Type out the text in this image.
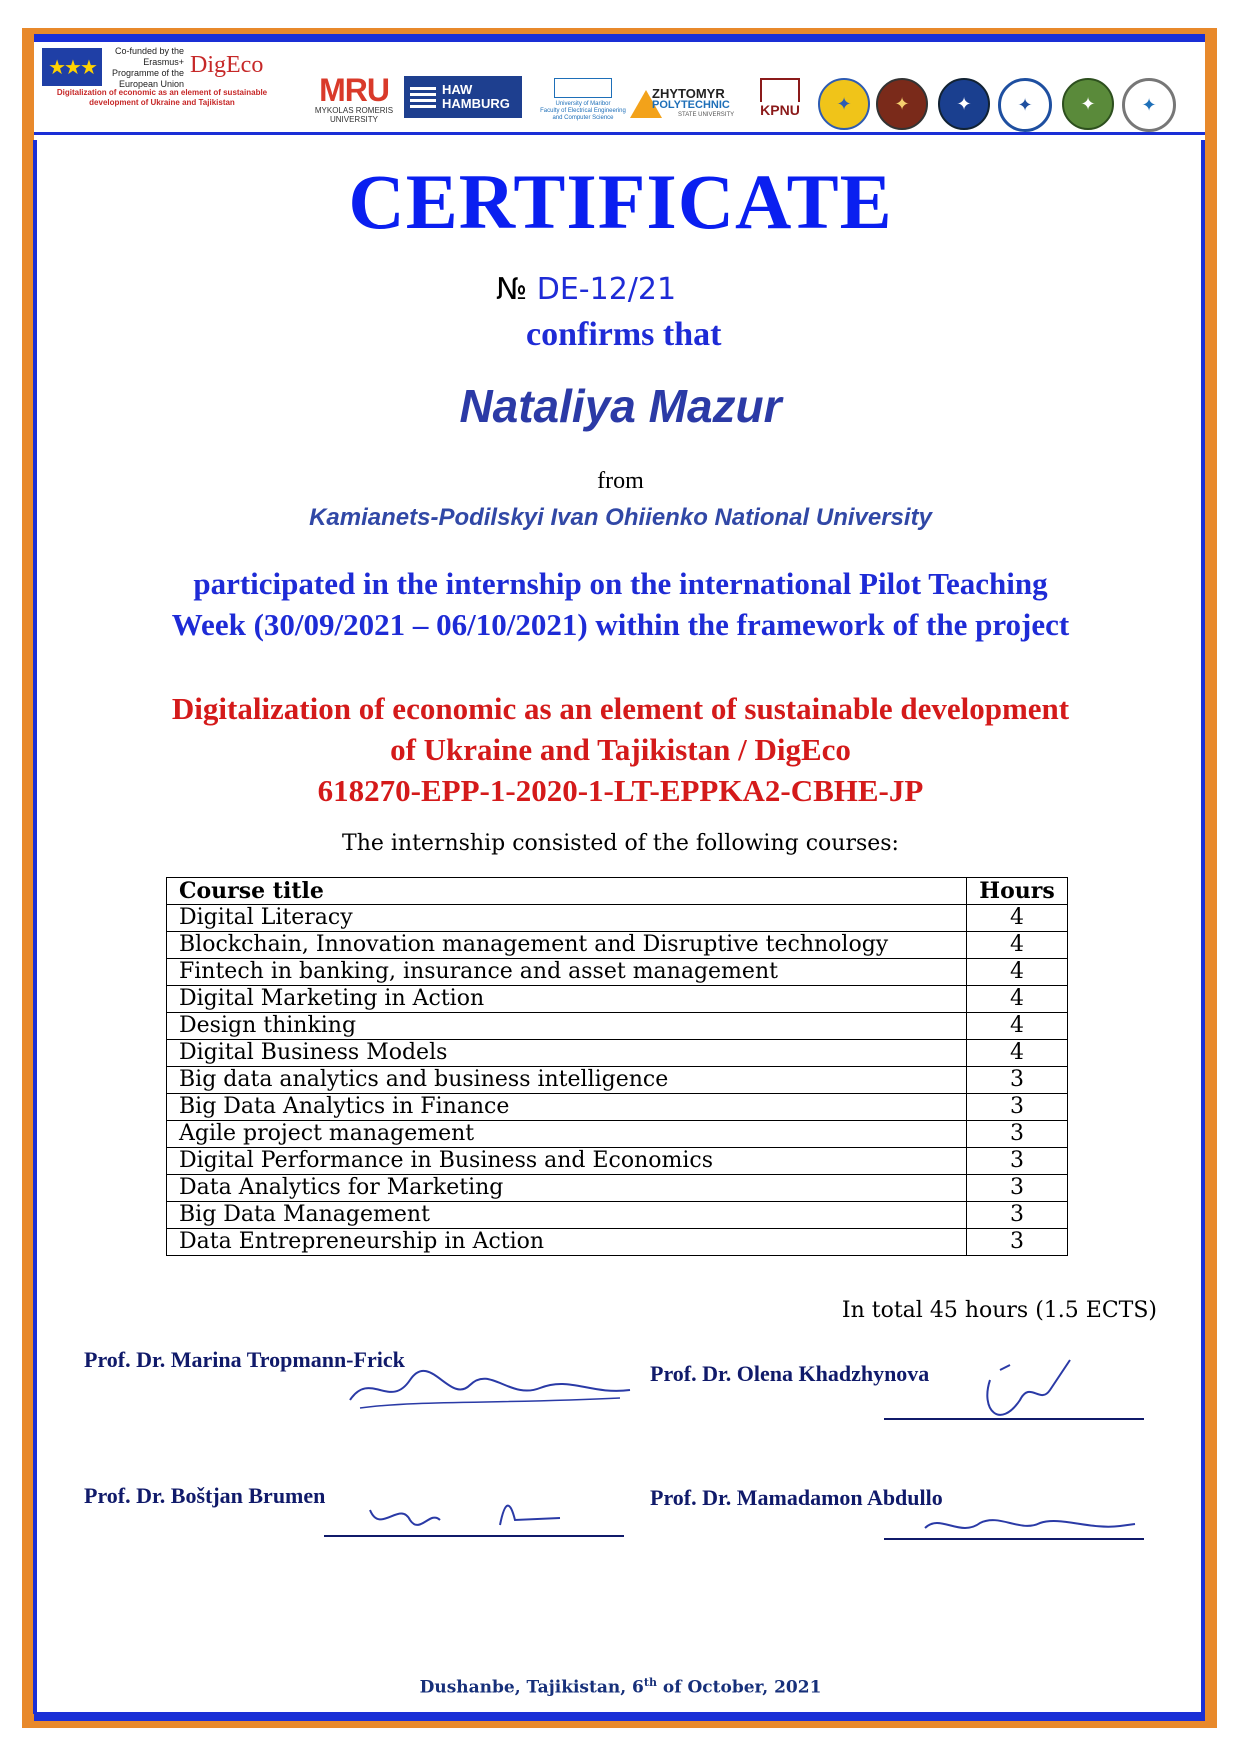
★★★
Co-funded by the Erasmus+ Programme of the European Union
DigEco
Digitalization of economic as an element of sustainable development of Ukraine and Tajikistan	MRU
MYKOLAS ROMERIS UNIVERSITY
HAW
HAMBURG	University of Maribor
Faculty of Electrical Engineering and Computer Science
ZHYTOMYR
POLYTECHNIC
STATE UNIVERSITY	KPNU	✦	✦	✦	✦	✦	✦
CERTIFICATE
№ DE-12/21
confirms that
Nataliya Mazur
from
Kamianets-Podilskyi Ivan Ohiienko National University
participated in the internship on the international Pilot Teaching
Week (30/09/2021 – 06/10/2021) within the framework of the project
Digitalization of economic as an element of sustainable development
of Ukraine and Tajikistan / DigEco
618270-EPP-1-2020-1-LT-EPPKA2-CBHE-JP
The internship consisted of the following courses:
Course title	Hours
Digital Literacy	4
Blockchain, Innovation management and Disruptive technology	4
Fintech in banking, insurance and asset management	4
Digital Marketing in Action	4
Design thinking	4
Digital Business Models	4
Big data analytics and business intelligence	3
Big Data Analytics in Finance	3
Agile project management	3
Digital Performance in Business and Economics	3
Data Analytics for Marketing	3
Big Data Management	3
Data Entrepreneurship in Action	3
In total 45 hours (1.5 ECTS)
Prof. Dr. Marina Tropmann-Frick
Prof. Dr. Olena Khadzhynova
Prof. Dr. Boštjan Brumen	Prof. Dr. Mamadamon Abdullo
Dushanbe, Tajikistan, 6th of October, 2021
